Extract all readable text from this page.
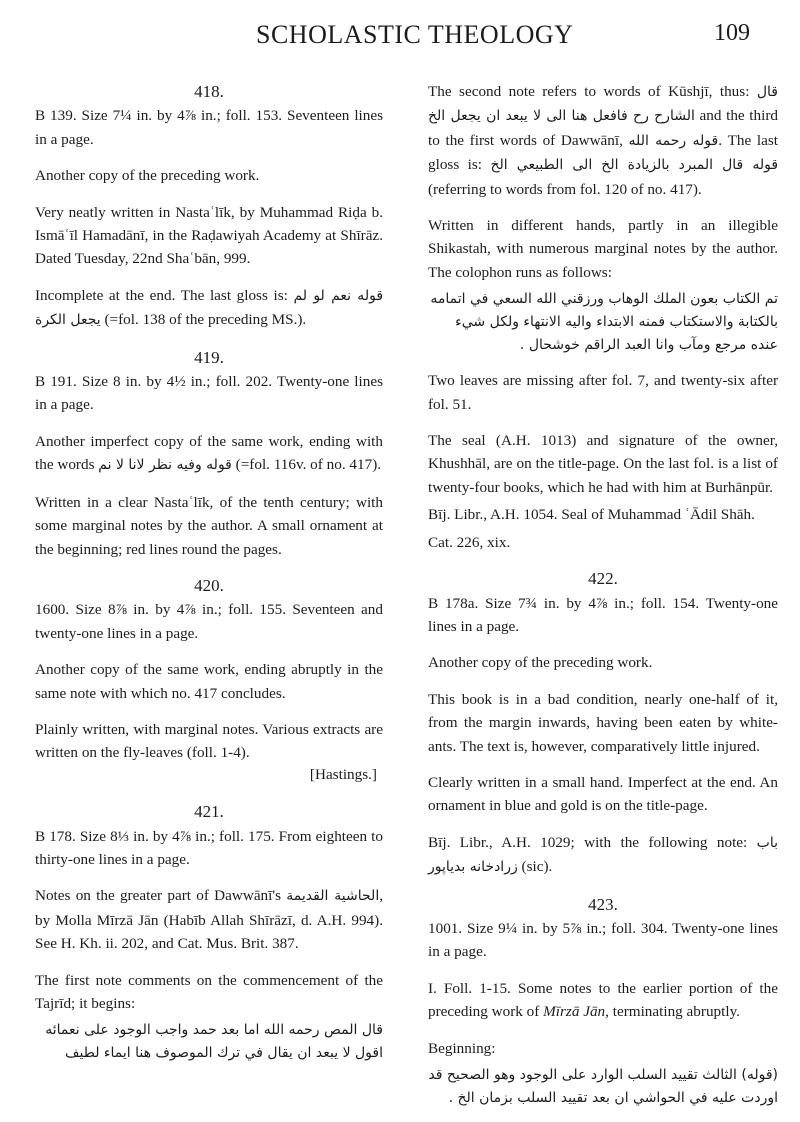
SCHOLASTIC THEOLOGY	109
418.

B 139. Size 7¼ in. by 4⅞ in.; foll. 153. Seventeen lines in a page.

Another copy of the preceding work.

Very neatly written in Nastaʿlīk, by Muhammad Riḍa b. Ismāʿīl Hamadānī, in the Raḍawiyah Academy at Shīrāz. Dated Tuesday, 22nd Shaʿbān, 999.

Incomplete at the end. The last gloss is: قوله نعم لو لم يجعل الكرة (=fol. 138 of the preceding MS.).

419.

B 191. Size 8 in. by 4½ in.; foll. 202. Twenty-one lines in a page.

Another imperfect copy of the same work, ending with the words قوله وفيه نظر لانا لا نم (=fol. 116v. of no. 417).

Written in a clear Nastaʿlīk, of the tenth century; with some marginal notes by the author. A small ornament at the beginning; red lines round the pages.

420.

1600. Size 8⅞ in. by 4⅞ in.; foll. 155. Seventeen and twenty-one lines in a page.

Another copy of the same work, ending abruptly in the same note with which no. 417 concludes.

Plainly written, with marginal notes. Various extracts are written on the fly-leaves (foll. 1-4).

[Hastings.]
421.

B 178. Size 8⅓ in. by 4⅞ in.; foll. 175. From eighteen to thirty-one lines in a page.

Notes on the greater part of Dawwānī's الحاشية القديمة, by Molla Mīrzā Jān (Habīb Allah Shīrāzī, d. A.H. 994). See H. Kh. ii. 202, and Cat. Mus. Brit. 387.

The first note comments on the commencement of the Tajrīd; it begins:

قال المص رحمه الله اما بعد حمد واجب الوجود على نعمائه اقول لا يبعد ان يقال في ترك الموصوف هنا ايماء لطيف

The second note refers to words of Kūshjī, thus: قال الشارح رح فافعل هنا الى لا يبعد ان يجعل الخ and the third to the first words of Dawwānī, قوله رحمه الله. The last gloss is: قوله قال المبرد بالزيادة الخ الى الطبيعي الخ (referring to words from fol. 120 of no. 417).

Written in different hands, partly in an illegible Shikastah, with numerous marginal notes by the author. The colophon runs as follows:

تم الكتاب بعون الملك الوهاب ورزقني الله السعي في اتمامه بالكتابة والاستكتاب فمنه الابتداء واليه الانتهاء ولكل شيء عنده مرجع ومآب وانا العبد الراقم خوشحال .

Two leaves are missing after fol. 7, and twenty-six after fol. 51.

The seal (A.H. 1013) and signature of the owner, Khushhāl, are on the title-page. On the last fol. is a list of twenty-four books, which he had with him at Burhānpūr.

Bīj. Libr., A.H. 1054. Seal of Muhammad ʿĀdil Shāh.

Cat. 226, xix.

422.

B 178a. Size 7¾ in. by 4⅞ in.; foll. 154. Twenty-one lines in a page.

Another copy of the preceding work.

This book is in a bad condition, nearly one-half of it, from the margin inwards, having been eaten by white-ants. The text is, however, comparatively little injured.

Clearly written in a small hand. Imperfect at the end. An ornament in blue and gold is on the title-page.

Bīj. Libr., A.H. 1029; with the following note: باب زرادخانه بدیاپور (sic).

423.

1001. Size 9¼ in. by 5⅞ in.; foll. 304. Twenty-one lines in a page.

I. Foll. 1-15. Some notes to the earlier portion of the preceding work of Mīrzā Jān, terminating abruptly.

Beginning:

(قوله) الثالث تقييد السلب الوارد على الوجود وهو الصحيح قد اوردت عليه في الحواشي ان بعد تقييد السلب بزمان الخ .
